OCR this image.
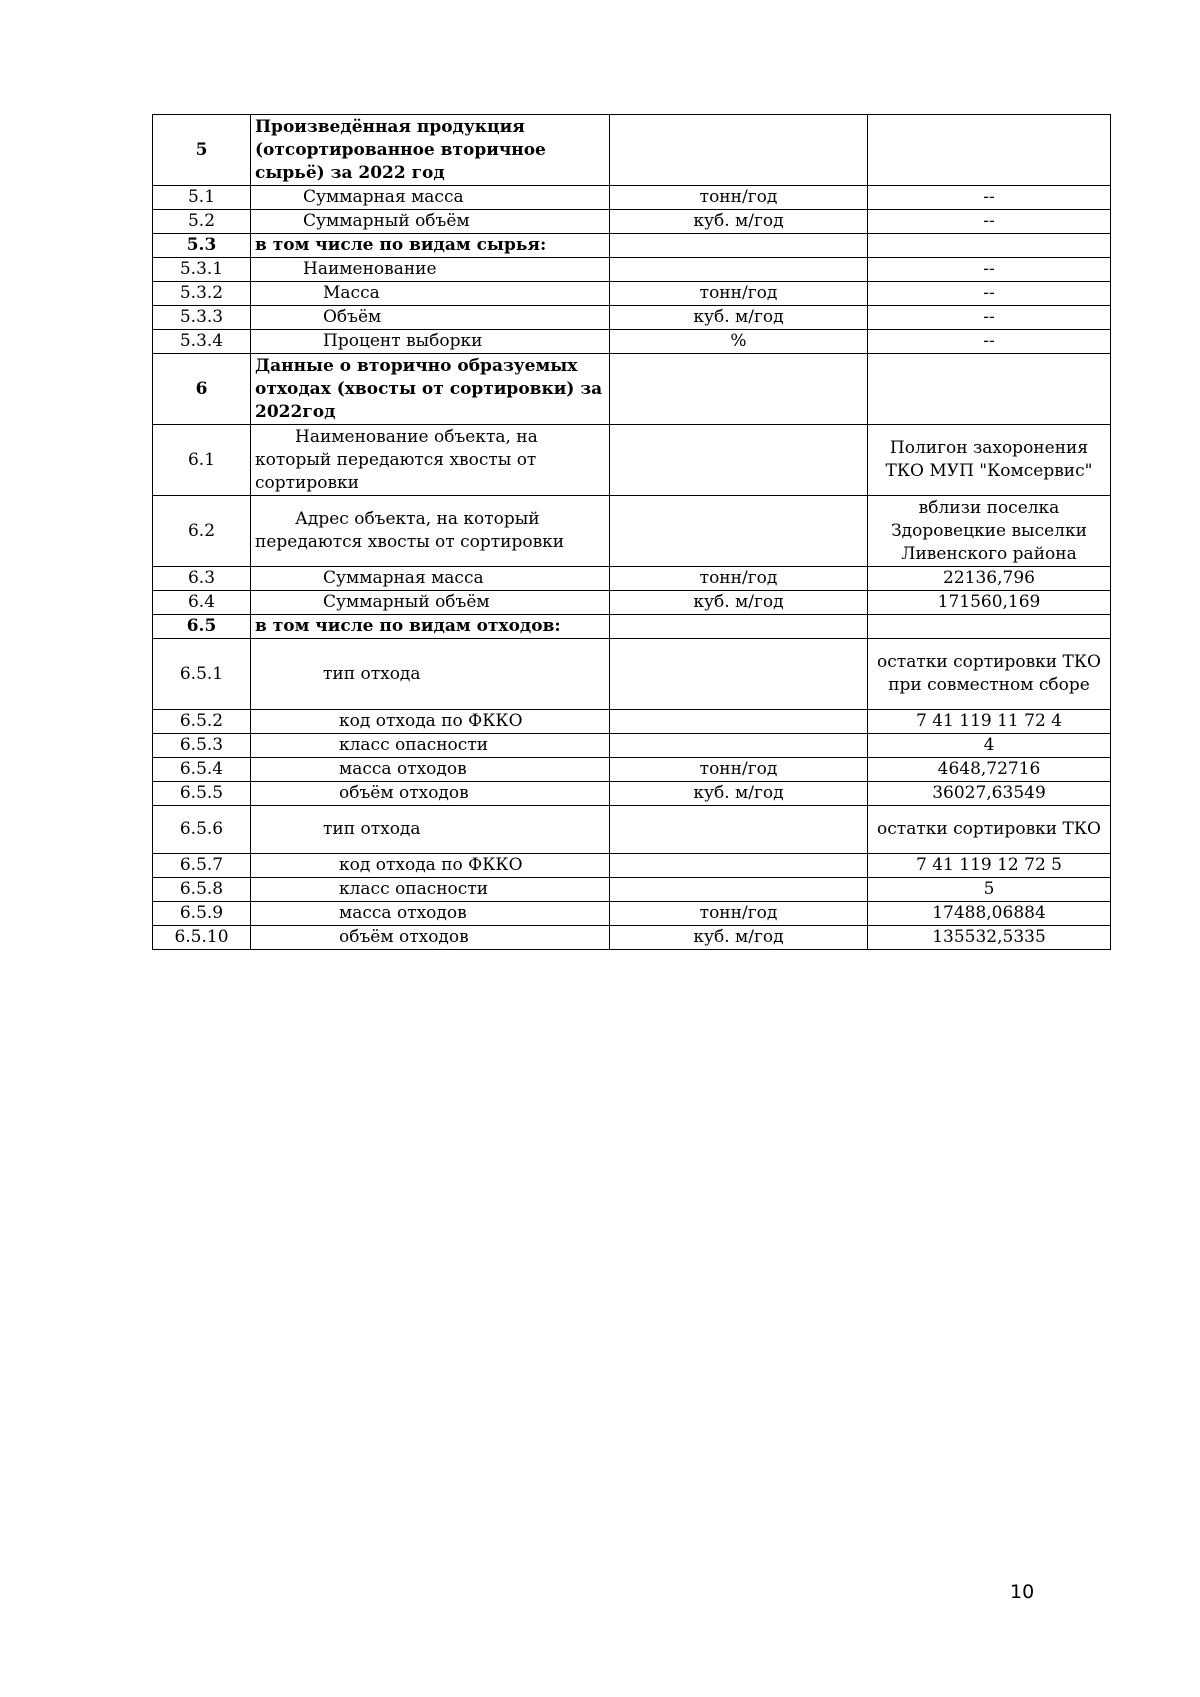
5	Произведённая продукция (отсортированное вторичное сырьё) за 2022 год		
5.1	Суммарная масса	тонн/год	--
5.2	Суммарный объём	куб. м/год	--
5.3	в том числе по видам сырья:		
5.3.1	Наименование		--
5.3.2	Масса	тонн/год	--
5.3.3	Объём	куб. м/год	--
5.3.4	Процент выборки	%	--
6	Данные о вторично образуемых отходах (хвосты от сортировки) за 2022год		
6.1	Наименование объекта, на который передаются хвосты от сортировки		Полигон захоронения ТКО МУП "Комсервис"
6.2	Адрес объекта, на который передаются хвосты от сортировки		вблизи поселка Здоровецкие выселки Ливенского района
6.3	Суммарная масса	тонн/год	22136,796
6.4	Суммарный объём	куб. м/год	171560,169
6.5	в том числе по видам отходов:		
6.5.1	тип отхода		остатки сортировки ТКО при совместном сборе
6.5.2	код отхода по ФККО		7 41 119 11 72 4
6.5.3	класс опасности		4
6.5.4	масса отходов	тонн/год	4648,72716
6.5.5	объём отходов	куб. м/год	36027,63549
6.5.6	тип отхода		остатки сортировки ТКО
6.5.7	код отхода по ФККО		7 41 119 12 72 5
6.5.8	класс опасности		5
6.5.9	масса отходов	тонн/год	17488,06884
6.5.10	объём отходов	куб. м/год	135532,5335
10
